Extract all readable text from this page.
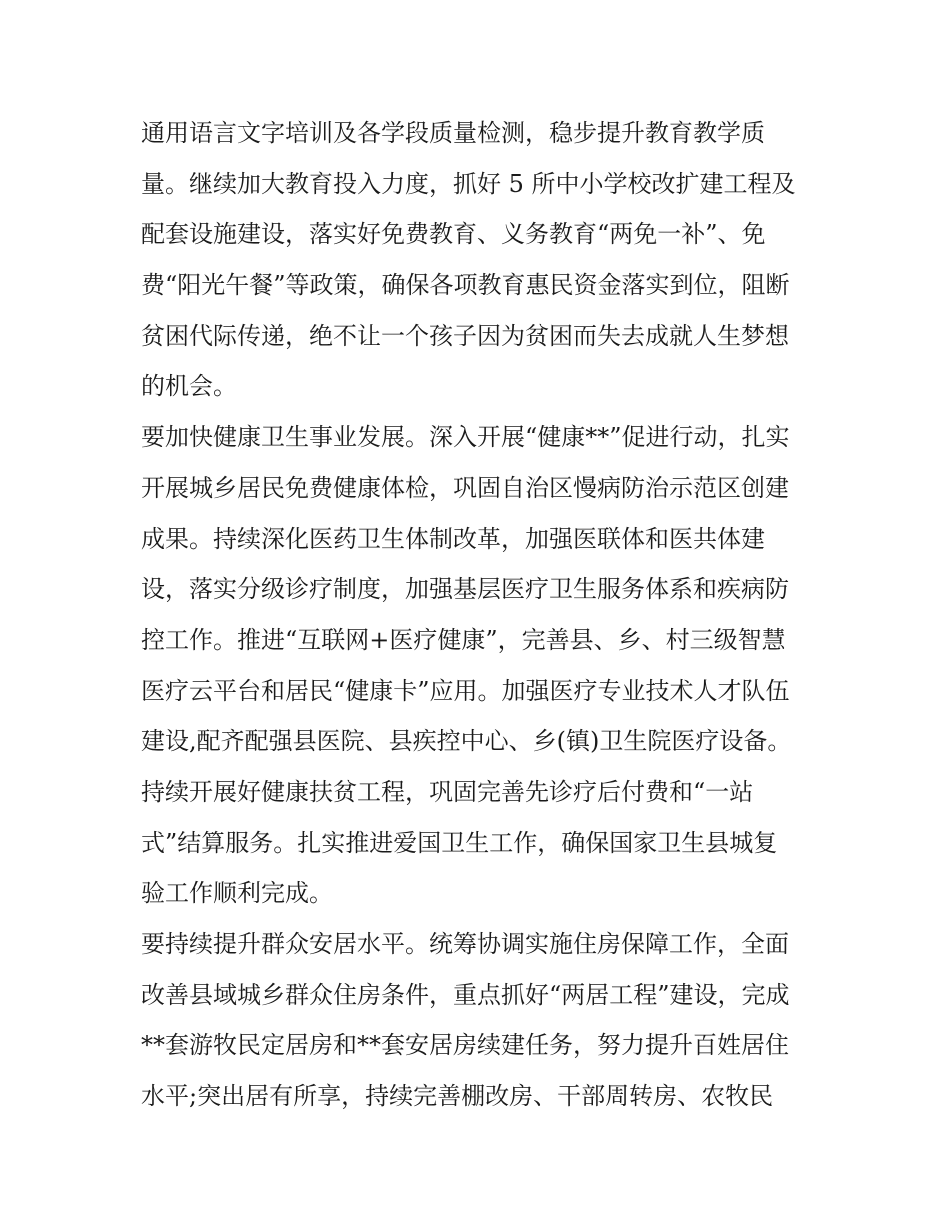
通用语言文字培训及各学段质量检测，稳步提升教育教学质
量。继续加大教育投入力度，抓好 5 所中小学校改扩建工程及
配套设施建设，落实好免费教育、义务教育“两免一补”、免
费“阳光午餐”等政策，确保各项教育惠民资金落实到位，阻断
贫困代际传递，绝不让一个孩子因为贫困而失去成就人生梦想
的机会。
要加快健康卫生事业发展。深入开展“健康**”促进行动，扎实
开展城乡居民免费健康体检，巩固自治区慢病防治示范区创建
成果。持续深化医药卫生体制改革，加强医联体和医共体建
设，落实分级诊疗制度，加强基层医疗卫生服务体系和疾病防
控工作。推进“互联网+医疗健康”，完善县、乡、村三级智慧
医疗云平台和居民“健康卡”应用。加强医疗专业技术人才队伍
建设,配齐配强县医院、县疾控中心、乡(镇)卫生院医疗设备。
持续开展好健康扶贫工程，巩固完善先诊疗后付费和“一站
式”结算服务。扎实推进爱国卫生工作，确保国家卫生县城复
验工作顺利完成。
要持续提升群众安居水平。统筹协调实施住房保障工作，全面
改善县域城乡群众住房条件，重点抓好“两居工程”建设，完成
**套游牧民定居房和**套安居房续建任务，努力提升百姓居住
水平;突出居有所享，持续完善棚改房、干部周转房、农牧民
